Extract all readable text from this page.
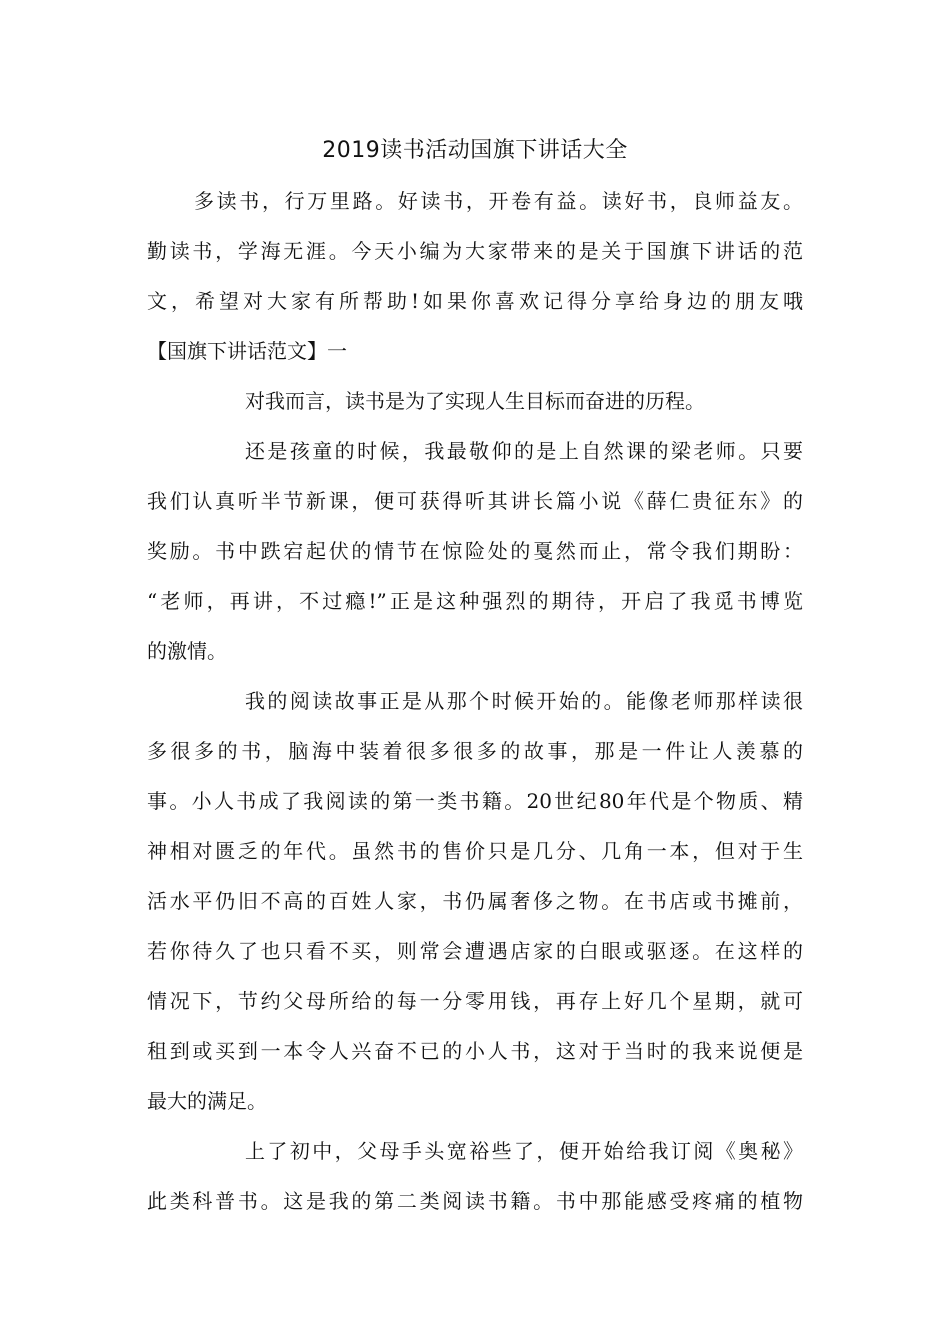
2019读书活动国旗下讲话大全
多读书，行万里路。好读书，开卷有益。读好书，良师益友。
勤读书，学海无涯。今天小编为大家带来的是关于国旗下讲话的范
文，希望对大家有所帮助!如果你喜欢记得分享给身边的朋友哦
【国旗下讲话范文】一
对我而言，读书是为了实现人生目标而奋进的历程。
还是孩童的时候，我最敬仰的是上自然课的梁老师。只要
我们认真听半节新课，便可获得听其讲长篇小说《薛仁贵征东》的
奖励。书中跌宕起伏的情节在惊险处的戛然而止，常令我们期盼：
“老师，再讲，不过瘾!”正是这种强烈的期待，开启了我觅书博览
的激情。
我的阅读故事正是从那个时候开始的。能像老师那样读很
多很多的书，脑海中装着很多很多的故事，那是一件让人羡慕的
事。小人书成了我阅读的第一类书籍。20世纪80年代是个物质、精
神相对匮乏的年代。虽然书的售价只是几分、几角一本，但对于生
活水平仍旧不高的百姓人家，书仍属奢侈之物。在书店或书摊前，
若你待久了也只看不买，则常会遭遇店家的白眼或驱逐。在这样的
情况下，节约父母所给的每一分零用钱，再存上好几个星期，就可
租到或买到一本令人兴奋不已的小人书，这对于当时的我来说便是
最大的满足。
上了初中，父母手头宽裕些了，便开始给我订阅《奥秘》
此类科普书。这是我的第二类阅读书籍。书中那能感受疼痛的植物
